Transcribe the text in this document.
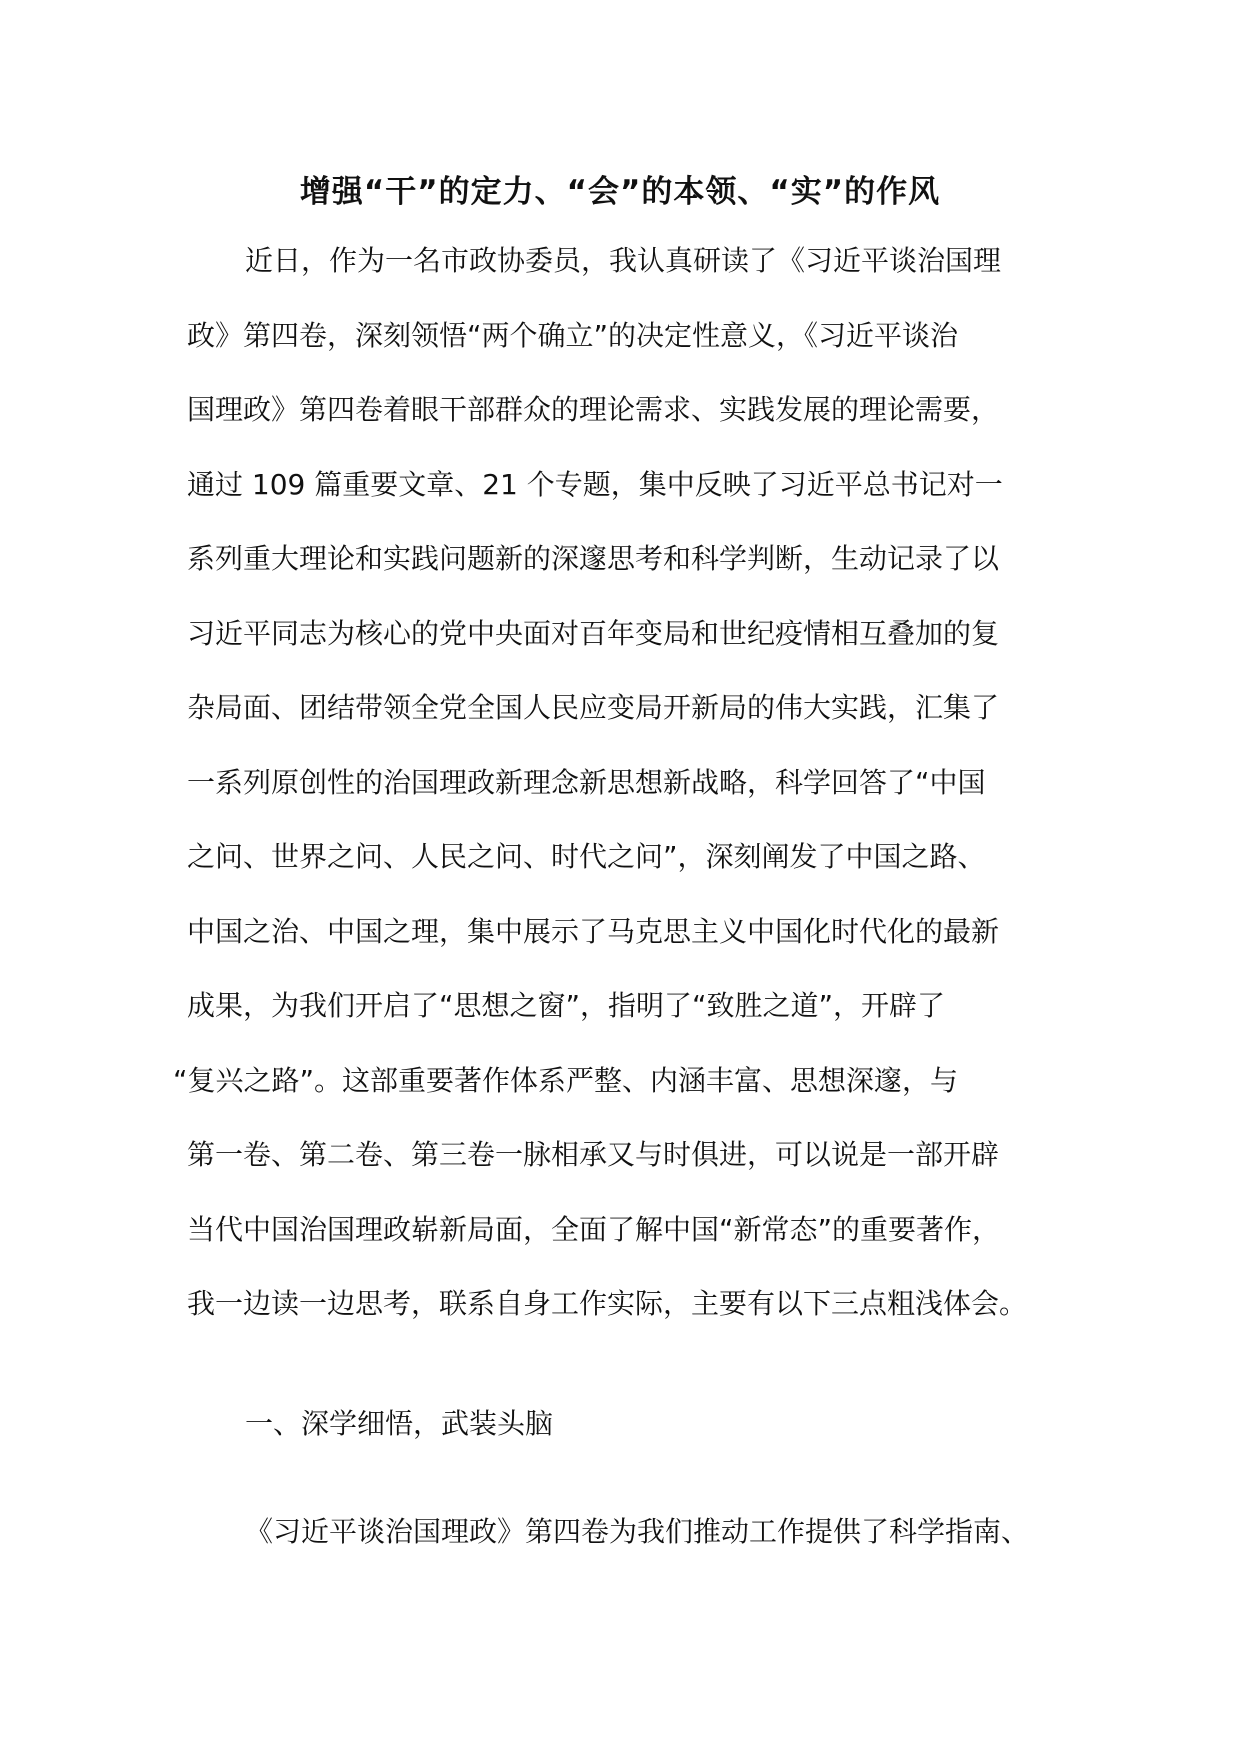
增强“干”的定力、“会”的本领、“实”的作风
近日，作为一名市政协委员，我认真研读了《习近平谈治国理
政》第四卷，深刻领悟“两个确立”的决定性意义，《习近平谈治
国理政》第四卷着眼干部群众的理论需求、实践发展的理论需要，
通过 109 篇重要文章、21 个专题，集中反映了习近平总书记对一
系列重大理论和实践问题新的深邃思考和科学判断，生动记录了以
习近平同志为核心的党中央面对百年变局和世纪疫情相互叠加的复
杂局面、团结带领全党全国人民应变局开新局的伟大实践，汇集了
一系列原创性的治国理政新理念新思想新战略，科学回答了“中国
之问、世界之问、人民之问、时代之问”，深刻阐发了中国之路、
中国之治、中国之理，集中展示了马克思主义中国化时代化的最新
成果，为我们开启了“思想之窗”，指明了“致胜之道”，开辟了
“复兴之路”。这部重要著作体系严整、内涵丰富、思想深邃，与
第一卷、第二卷、第三卷一脉相承又与时俱进，可以说是一部开辟
当代中国治国理政崭新局面，全面了解中国“新常态”的重要著作，
我一边读一边思考，联系自身工作实际，主要有以下三点粗浅体会。
一、深学细悟，武装头脑
《习近平谈治国理政》第四卷为我们推动工作提供了科学指南、
